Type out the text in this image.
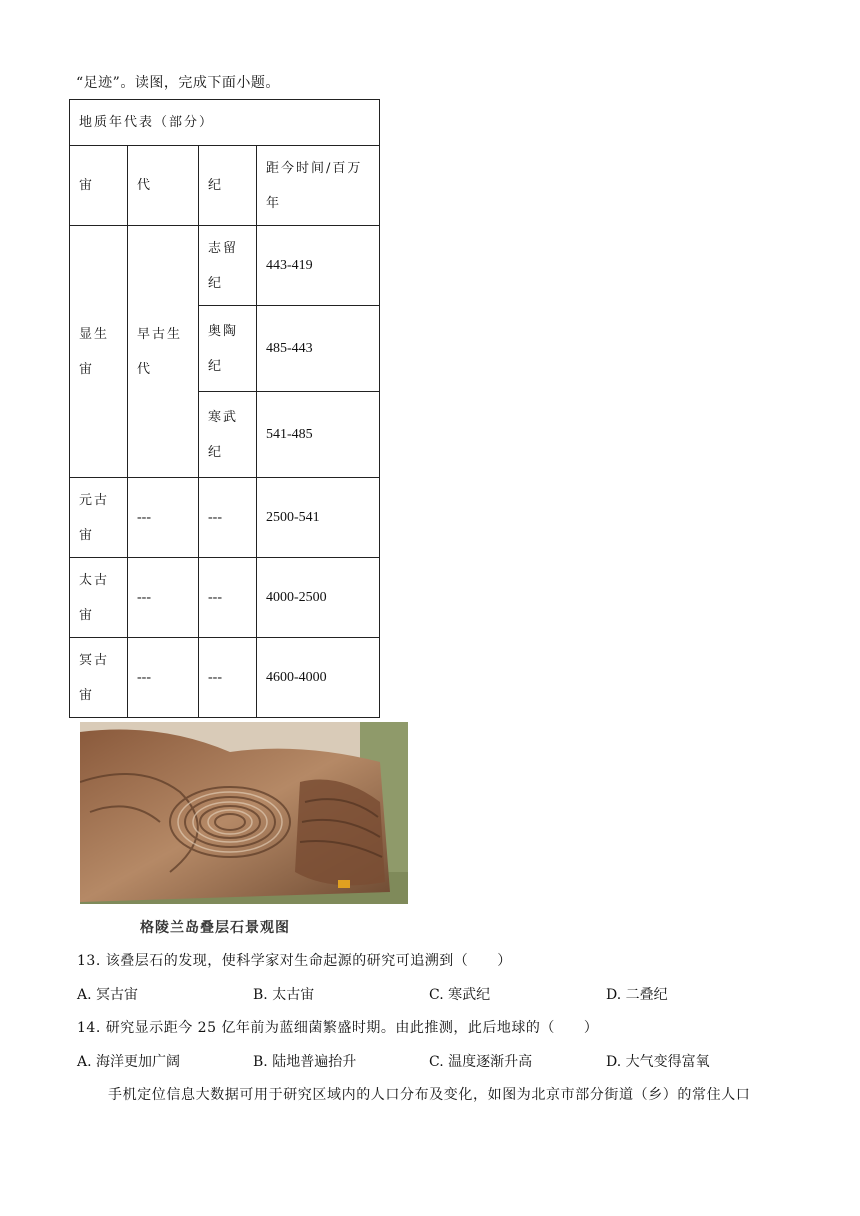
“足迹”。读图，完成下面小题。
地质年代表（部分）			
宙	代	纪	距今时间/百万年
显生宙	早古生代	志留纪	443-419
		奥陶纪	485-443
		寒武纪	541-485
元古宙	---	---	2500-541
太古宙	---	---	4000-2500
冥古宙	---	---	4600-4000
格陵兰岛叠层石景观图
13. 该叠层石的发现，使科学家对生命起源的研究可追溯到（　　）
A. 冥古宙	B. 太古宙	C. 寒武纪	D. 二叠纪
14. 研究显示距今 25 亿年前为蓝细菌繁盛时期。由此推测，此后地球的（　　）
A. 海洋更加广阔	B. 陆地普遍抬升	C. 温度逐渐升高	D. 大气变得富氧
手机定位信息大数据可用于研究区域内的人口分布及变化，如图为北京市部分街道（乡）的常住人口
